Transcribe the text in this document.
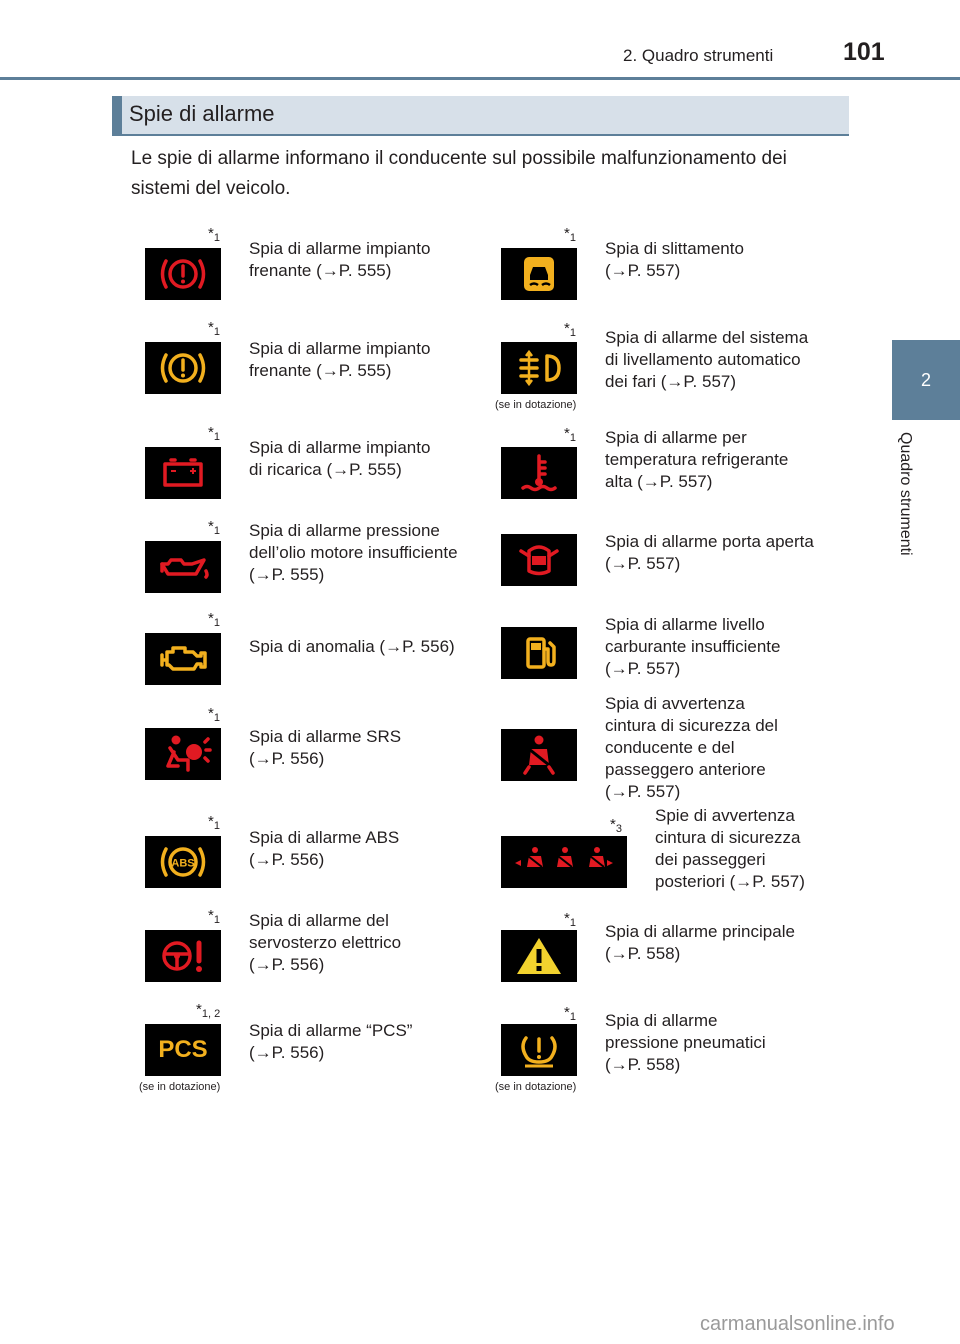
2. Quadro strumenti	101
2
Quadro strumenti
Spie di allarme
Le spie di allarme informano il conducente sul possibile malfunzionamento dei
sistemi del veicolo.
$*_1$
Spia di allarme impianto
frenante (→P. 555)
$*_1$
Spia di allarme impianto
frenante (→P. 555)
$*_1$
Spia di allarme impianto
di ricarica (→P. 555)
$*_1$ Spia di allarme pressione
dell’olio motore insufficiente
(→P. 555)
$*_1$
Spia di anomalia (→P. 556)
$*_1$
Spia di allarme SRS
(→P. 556)
ABS
$*_1$
Spia di allarme ABS
(→P. 556)
$*_1$ Spia di allarme del
servosterzo elettrico
(→P. 556)
PCS
$*_{1, 2}$
(se in dotazione)
Spia di allarme “PCS”
(→P. 556)
$*_1$
Spia di slittamento
(→P. 557)
$*_1$
(se in dotazione)
Spia di allarme del sistema
di livellamento automatico
dei fari (→P. 557)
$*_1$ Spia di allarme per
temperatura refrigerante
alta (→P. 557)
Spia di allarme porta aperta
(→P. 557)
Spia di allarme livello
carburante insufficiente
(→P. 557)
Spia di avvertenza
cintura di sicurezza del
conducente e del
passeggero anteriore
(→P. 557)
$*_3$
Spie di avvertenza
cintura di sicurezza
dei passeggeri
posteriori (→P. 557)
$*_1$ Spia di allarme principale
(→P. 558)
$*_1$
(se in dotazione)
Spia di allarme
pressione pneumatici
(→P. 558)
carmanualsonline.info
